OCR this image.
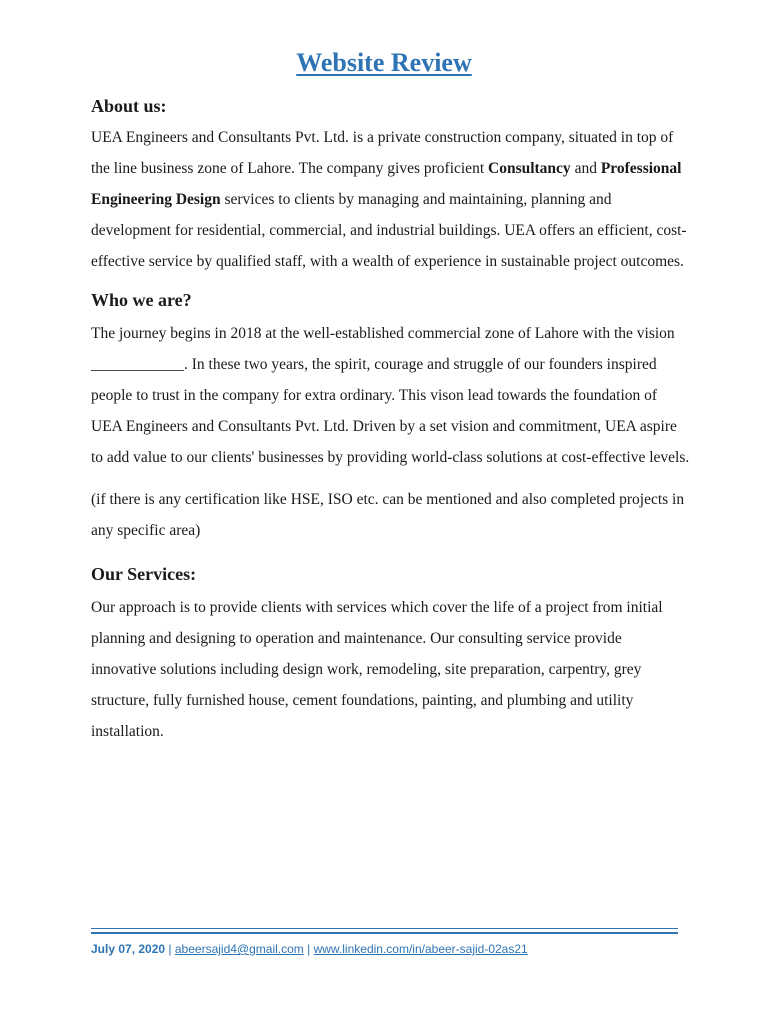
Website Review
About us:

UEA Engineers and Consultants Pvt. Ltd. is a private construction company, situated in top of the line business zone of Lahore. The company gives proficient Consultancy and Professional Engineering Design services to clients by managing and maintaining, planning and development for residential, commercial, and industrial buildings. UEA offers an efficient, cost-effective service by qualified staff, with a wealth of experience in sustainable project outcomes.

Who we are?

The journey begins in 2018 at the well-established commercial zone of Lahore with the vision ____________. In these two years, the spirit, courage and struggle of our founders inspired people to trust in the company for extra ordinary. This vison lead towards the foundation of UEA Engineers and Consultants Pvt. Ltd. Driven by a set vision and commitment, UEA aspire to add value to our clients' businesses by providing world-class solutions at cost-effective levels.

(if there is any certification like HSE, ISO etc. can be mentioned and also completed projects in any specific area)

Our Services:

Our approach is to provide clients with services which cover the life of a project from initial planning and designing to operation and maintenance. Our consulting service provide innovative solutions including design work, remodeling, site preparation, carpentry, grey structure, fully furnished house, cement foundations, painting, and plumbing and utility installation.

July 07, 2020 | abeersajid4@gmail.com | www.linkedin.com/in/abeer-sajid-02as21
